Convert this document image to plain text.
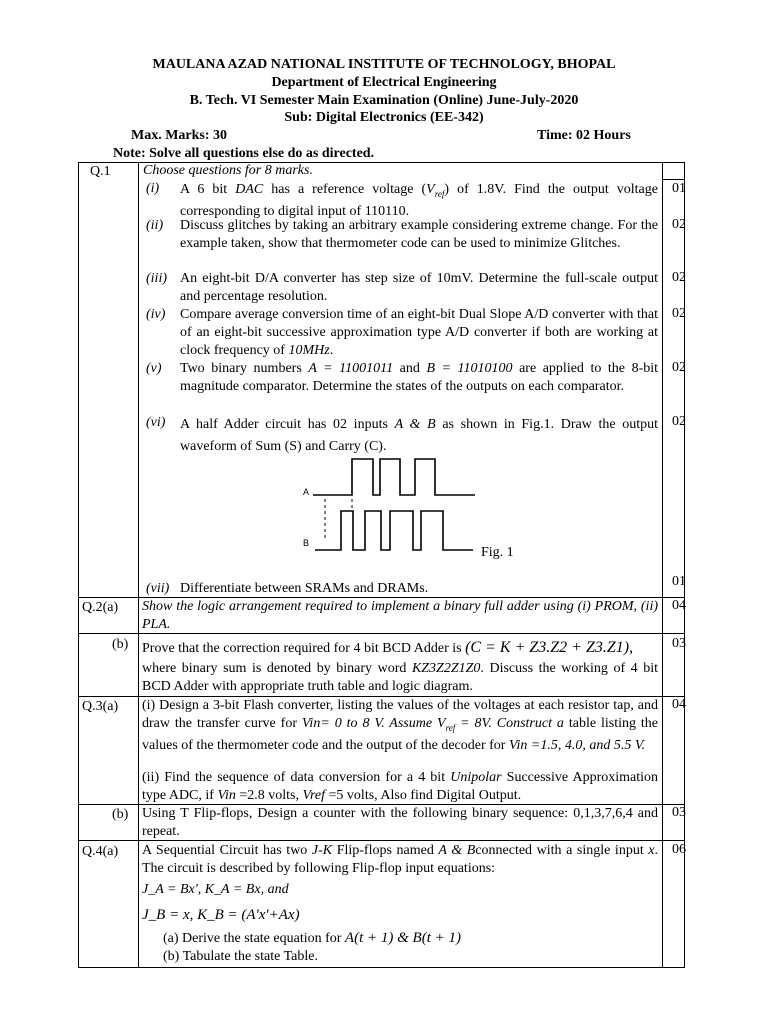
MAULANA AZAD NATIONAL INSTITUTE OF TECHNOLOGY, BHOPAL
Department of Electrical Engineering
B. Tech. VI Semester Main Examination (Online) June-July-2020
Sub: Digital Electronics (EE-342)
Max. Marks: 30	Time: 02 Hours
Note: Solve all questions else do as directed.
Q.1 Choose questions for 8 marks.
(i) A 6 bit DAC has a reference voltage $(V_{ref})$ of 1.8V. Find the output voltage corresponding to digital input of 110110.
01
(ii) Discuss glitches by taking an arbitrary example considering extreme change. For the example taken, show that thermometer code can be used to minimize Glitches.
02
(iii) An eight-bit D/A converter has step size of 10mV. Determine the full-scale output and percentage resolution.
02
(iv) Compare average conversion time of an eight-bit Dual Slope A/D converter with that of an eight-bit successive approximation type A/D converter if both are working at clock frequency of 10MHz.
02
(v) Two binary numbers A = 11001011 and B = 11010100 are applied to the 8-bit magnitude comparator. Determine the states of the outputs on each comparator.
02
(vi) A half Adder circuit has 02 inputs A & B as shown in Fig.1. Draw the output waveform of Sum (S) and Carry (C).
02
A
B
Fig. 1
(vii) Differentiate between SRAMs and DRAMs.	01
Q.2(a) Show the logic arrangement required to implement a binary full adder using (i) PROM, (ii) PLA.
04
(b) Prove that the correction required for 4 bit BCD Adder is (C = K + Z3.Z2 + Z3.Z1),
where binary sum is denoted by binary word KZ3Z2Z1Z0. Discuss the working of 4 bit BCD Adder with appropriate truth table and logic diagram.
03
Q.3(a) (i) Design a 3-bit Flash converter, listing the values of the voltages at each resistor tap, and draw the transfer curve for Vin= 0 to 8 V. Assume $V_{ref} = 8V$. Construct a table listing the values of the thermometer code and the output of the decoder for Vin =1.5, 4.0, and 5.5 V.
(ii) Find the sequence of data conversion for a 4 bit Unipolar Successive Approximation type ADC, if Vin =2.8 volts, Vref =5 volts, Also find Digital Output.
04
(b) Using T Flip-flops, Design a counter with the following binary sequence: 0,1,3,7,6,4 and repeat.
03
Q.4(a) A Sequential Circuit has two J-K Flip-flops named A & Bconnected with a single input x. The circuit is described by following Flip-flop input equations:
06
J_A = Bx', K_A = Bx, and
J_B = x, K_B = (A'x'+Ax)
(a) Derive the state equation for A(t + 1) & B(t + 1)
(b) Tabulate the state Table.
